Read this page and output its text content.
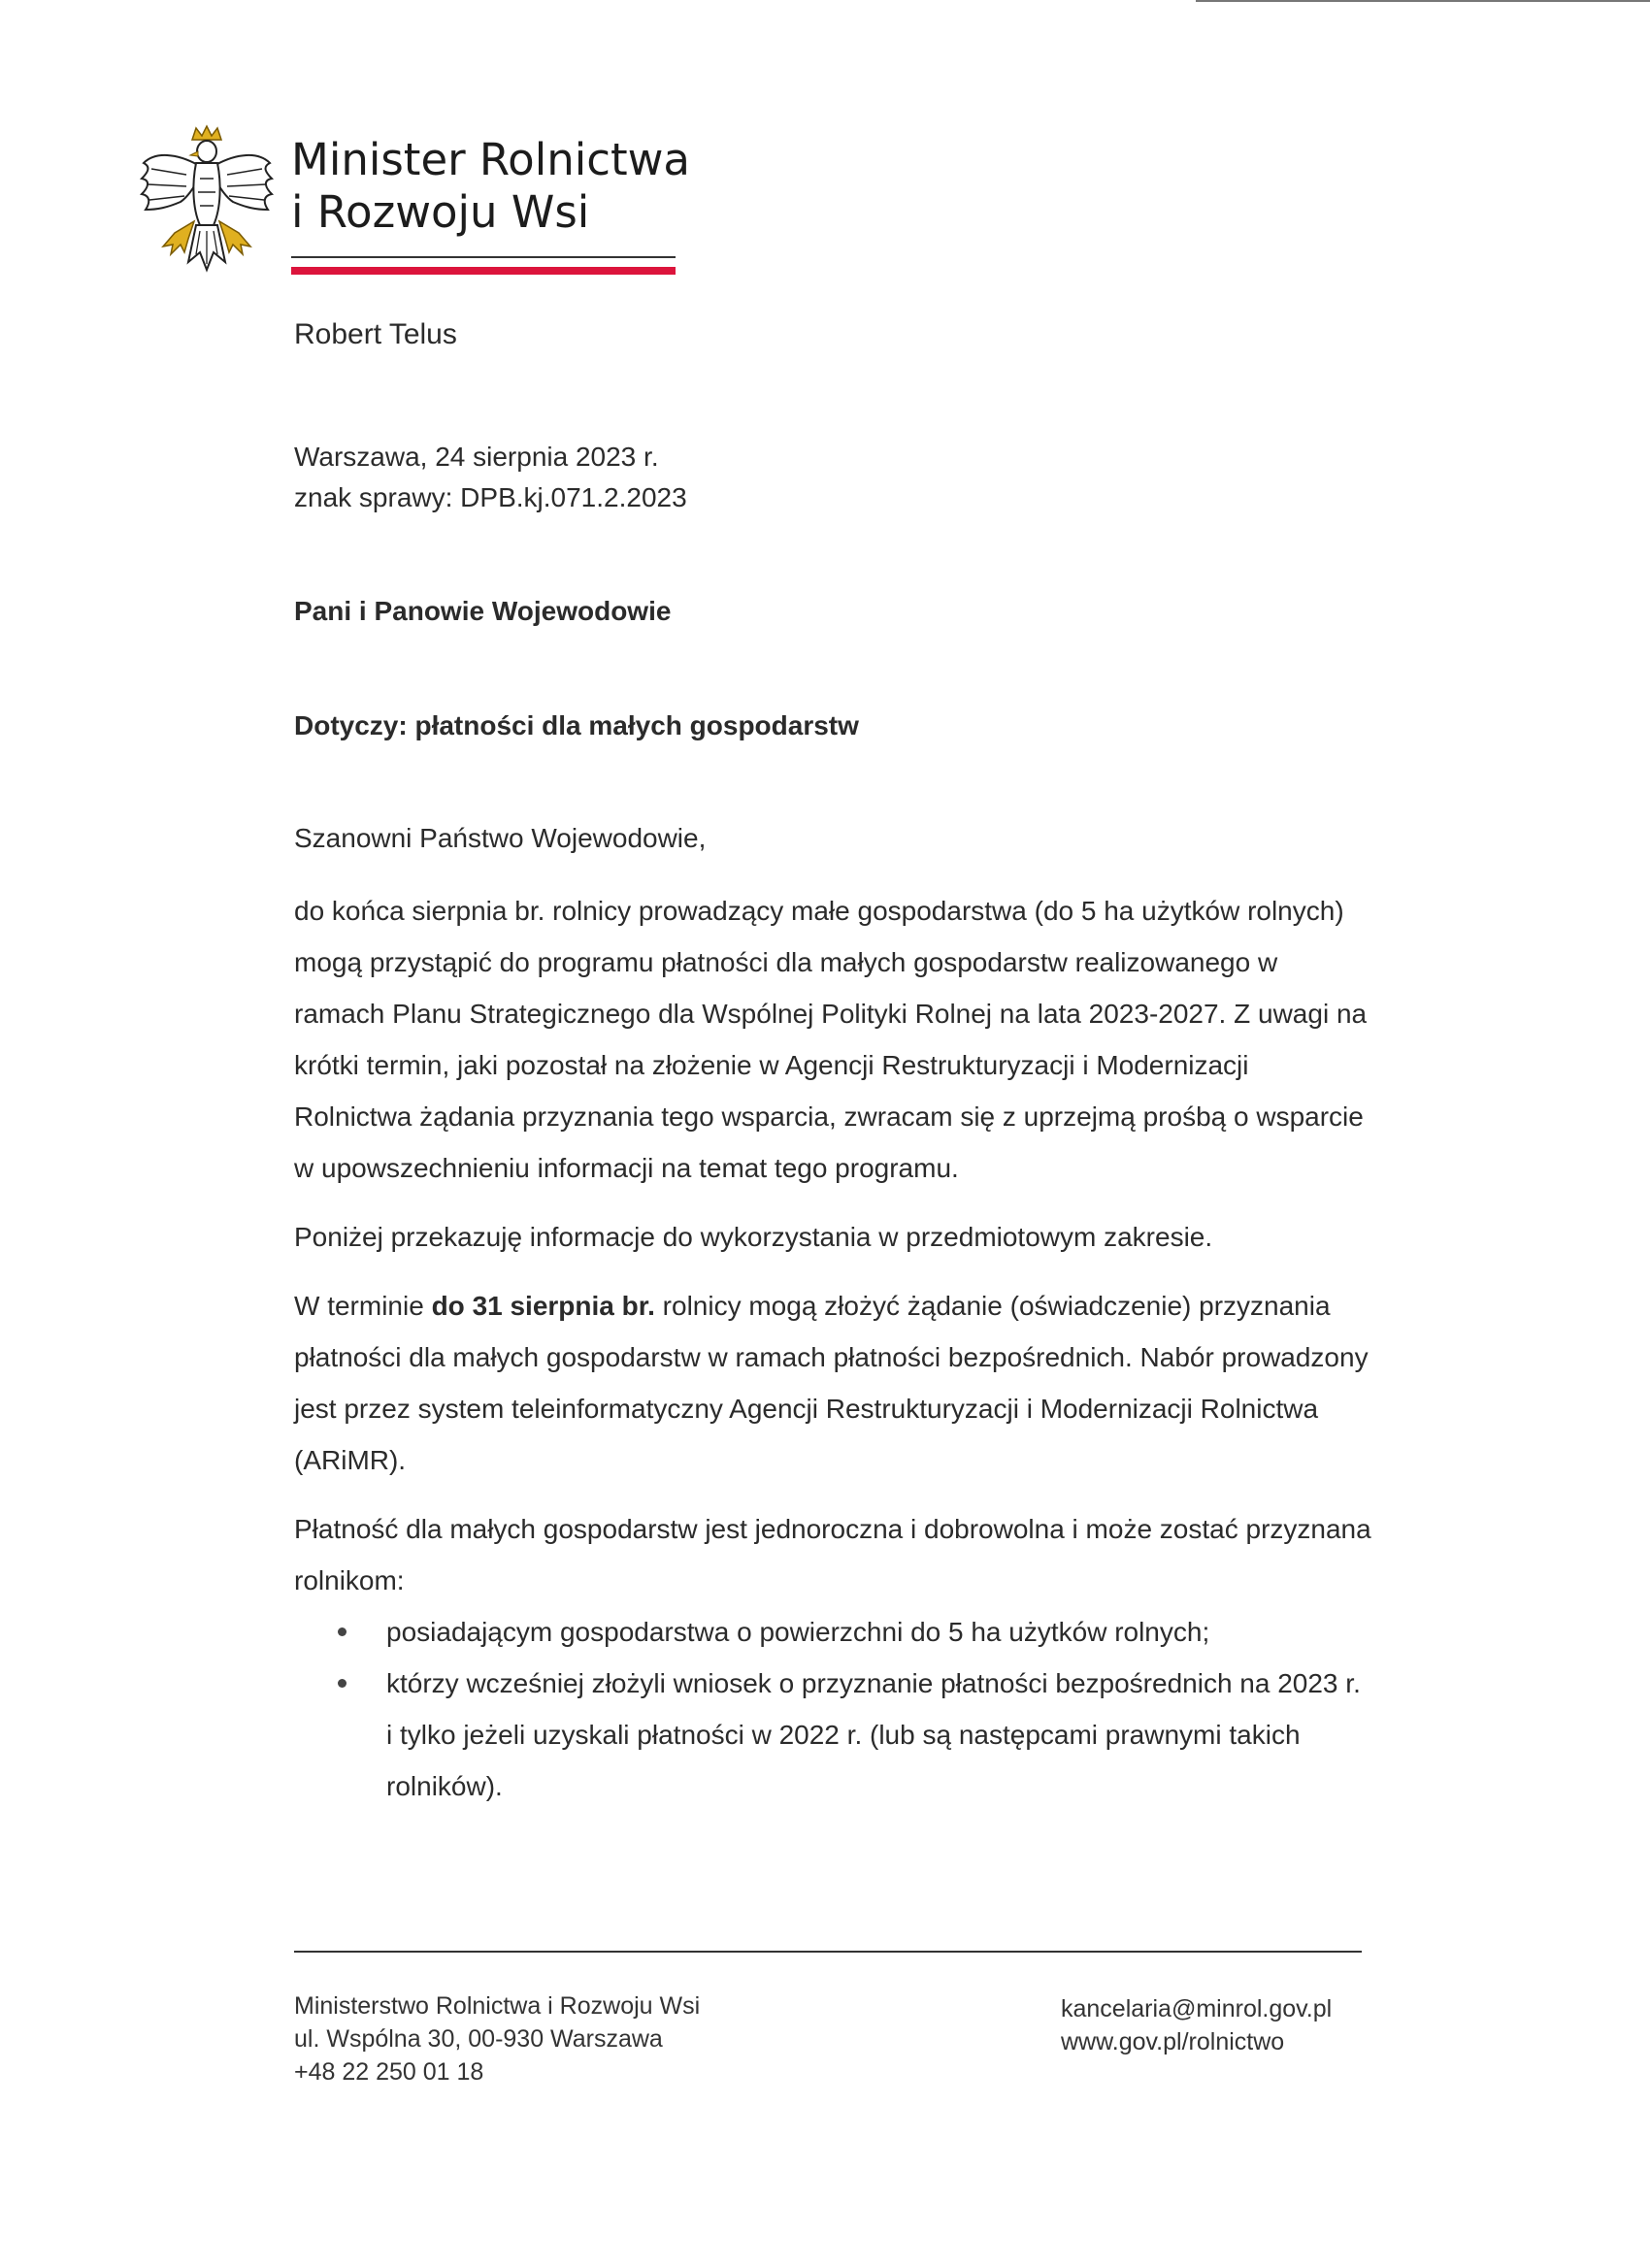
Minister Rolnictwa
i Rozwoju Wsi
Robert Telus
Warszawa, 24 sierpnia 2023 r.
znak sprawy: DPB.kj.071.2.2023
Pani i Panowie Wojewodowie
Dotyczy: płatności dla małych gospodarstw
Szanowni Państwo Wojewodowie,

do końca sierpnia br. rolnicy prowadzący małe gospodarstwa (do 5 ha użytków rolnych) mogą przystąpić do programu płatności dla małych gospodarstw realizowanego w ramach Planu Strategicznego dla Wspólnej Polityki Rolnej na lata 2023-2027. Z uwagi na krótki termin, jaki pozostał na złożenie w Agencji Restrukturyzacji i Modernizacji Rolnictwa żądania przyznania tego wsparcia, zwracam się z uprzejmą prośbą o wsparcie w upowszechnieniu informacji na temat tego programu.

Poniżej przekazuję informacje do wykorzystania w przedmiotowym zakresie.

W terminie do 31 sierpnia br. rolnicy mogą złożyć żądanie (oświadczenie) przyznania płatności dla małych gospodarstw w ramach płatności bezpośrednich. Nabór prowadzony jest przez system teleinformatyczny Agencji Restrukturyzacji i Modernizacji Rolnictwa (ARiMR).

Płatność dla małych gospodarstw jest jednoroczna i dobrowolna i może zostać przyznana rolnikom:

posiadającym gospodarstwa o powierzchni do 5 ha użytków rolnych;
którzy wcześniej złożyli wniosek o przyznanie płatności bezpośrednich na 2023 r. i tylko jeżeli uzyskali płatności w 2022 r. (lub są następcami prawnymi takich rolników).
Ministerstwo Rolnictwa i Rozwoju Wsi
ul. Wspólna 30, 00-930 Warszawa
+48 22 250 01 18
kancelaria@minrol.gov.pl
www.gov.pl/rolnictwo
